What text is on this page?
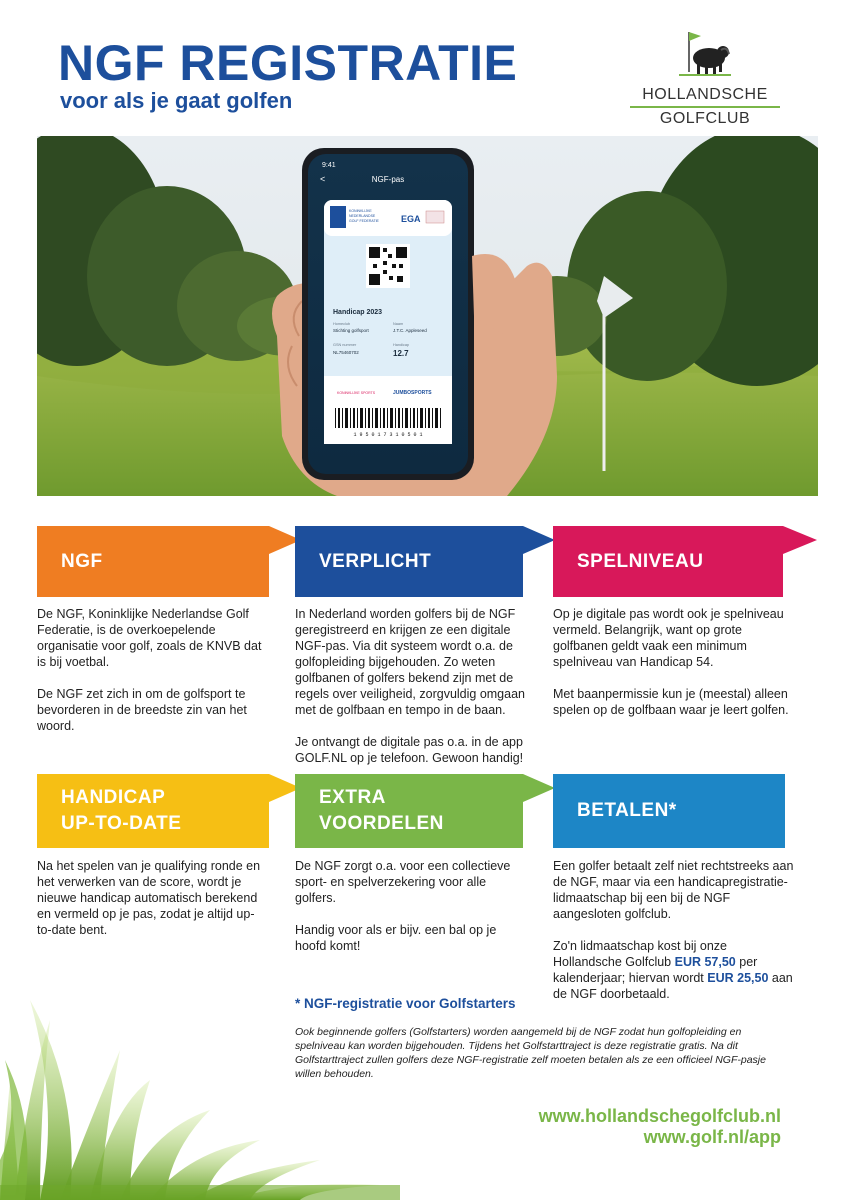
NGF REGISTRATIE
voor als je gaat golfen	HOLLANDSCHE
GOLFCLUB
9:41
<	NGF-pas
KONINKLIJKE
NEDERLANDSE
GOLF FEDERATIE EGA
Handicap 2023
Homeclub
Stichting golfsport
Naam
J.T.C. Appleseed
GSN nummer
NL75460702
Handicap
12.7
KONINKLIJKE SPORTS	JUMBOSPORTS
1 9 5 0 1 7 3 1 0 5 0 1
NGF	VERPLICHT	SPELNIVEAU

De NGF, Koninklijke Nederlandse Golf Federatie, is de overkoepelende organisatie voor golf, zoals de KNVB dat is bij voetbal.

De NGF zet zich in om de golfsport te bevorderen in de breedste zin van het woord.

In Nederland worden golfers bij de NGF geregistreerd en krijgen ze een digitale NGF-pas. Via dit systeem wordt o.a. de golfopleiding bijgehouden. Zo weten golfbanen of golfers bekend zijn met de regels over veiligheid, zorgvuldig omgaan met de golfbaan en tempo in de baan.

Je ontvangt de digitale pas o.a. in de app GOLF.NL op je telefoon. Gewoon handig!

Op je digitale pas wordt ook je spelniveau vermeld. Belangrijk, want op grote golfbanen geldt vaak een minimum spelniveau van Handicap 54.

Met baanpermissie kun je (meestal) alleen spelen op de golfbaan waar je leert golfen.

HANDICAP
UP-TO-DATE
EXTRA
VOORDELEN
BETALEN*

Na het spelen van je qualifying ronde en het verwerken van de score, wordt je nieuwe handicap automatisch berekend en vermeld op je pas, zodat je altijd up-to-date bent.

De NGF zorgt o.a. voor een collectieve sport- en spelverzekering voor alle golfers.

Handig voor als er bijv. een bal op je hoofd komt!

Een golfer betaalt zelf niet rechtstreeks aan de NGF, maar via een handicapregistratie-lidmaatschap bij een bij de NGF aangesloten golfclub.

Zo'n lidmaatschap kost bij onze Hollandsche Golfclub EUR 57,50 per kalenderjaar; hiervan wordt EUR 25,50 aan de NGF doorbetaald.

* NGF-registratie voor Golfstarters
Ook beginnende golfers (Golfstarters) worden aangemeld bij de NGF zodat hun golfopleiding en spelniveau kan worden bijgehouden. Tijdens het Golfstarttraject is deze registratie gratis. Na dit Golfstarttraject zullen golfers deze NGF-registratie zelf moeten betalen als ze een officieel NGF-pasje willen behouden.
www.hollandschegolfclub.nl
www.golf.nl/app
